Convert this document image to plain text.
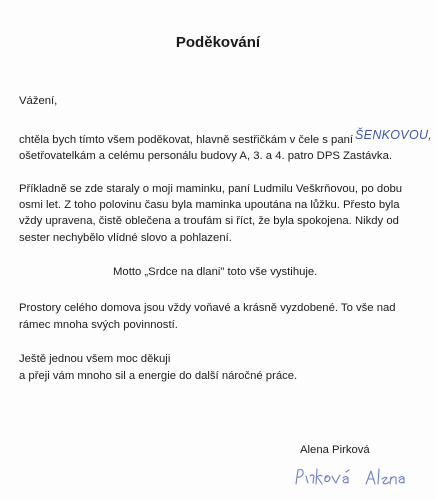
Poděkování
Vážení,
chtěla bych tímto všem poděkovat, hlavně sestřičkám v čele s paní ŠENKOVOU,
ošetřovatelkám a celému personálu budovy A, 3. a 4. patro DPS Zastávka.
Příkladně se zde staraly o moji maminku, paní Ludmilu Veškrňovou, po dobu
osmi let. Z toho polovinu času byla maminka upoutána na lůžku. Přesto byla
vždy upravena, čistě oblečena a troufám si říct, že byla spokojena. Nikdy od
sester nechybělo vlídné slovo a pohlazení.
Motto „Srdce na dlani" toto vše vystihuje.
Prostory celého domova jsou vždy voňavé a krásně vyzdobené. To vše nad
rámec mnoha svých povinností.
Ještě jednou všem moc děkuji
a přeji vám mnoho sil a energie do další náročné práce.
Alena Pirková
